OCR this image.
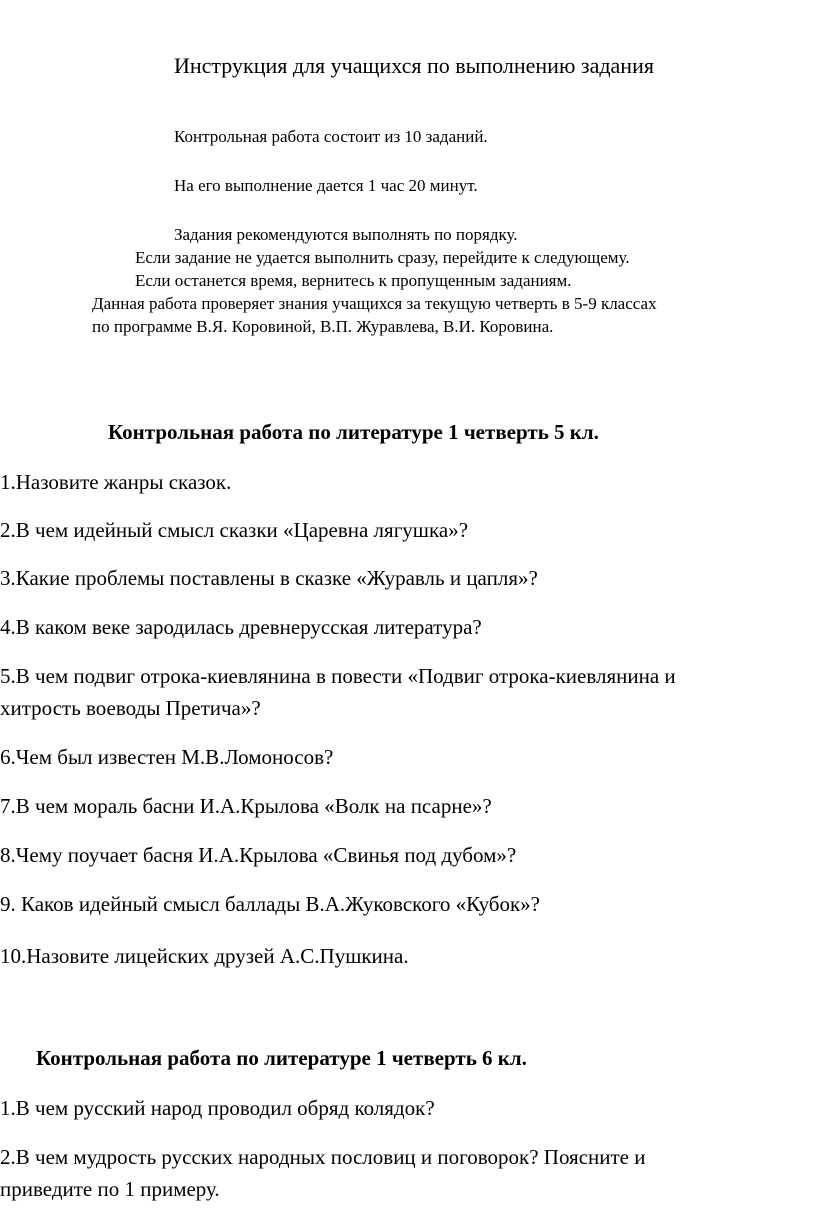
Инструкция для учащихся по выполнению задания

Контрольная работа состоит из 10 заданий.

На его выполнение дается 1 час 20 минут.

Задания рекомендуются выполнять по порядку.

Если задание не удается выполнить сразу, перейдите к следующему.

Если останется время, вернитесь к пропущенным заданиям.

Данная работа проверяет знания учащихся за текущую четверть в 5-9 классах

по программе В.Я. Коровиной, В.П. Журавлева, В.И. Коровина.

Контрольная работа по литературе 1 четверть 5 кл.

1.Назовите жанры сказок.

2.В чем идейный смысл сказки «Царевна лягушка»?

3.Какие проблемы поставлены в сказке «Журавль и цапля»?

4.В каком веке зародилась древнерусская литература?

5.В чем подвиг отрока-киевлянина в повести «Подвиг отрока-киевлянина и

хитрость воеводы Претича»?

6.Чем был известен М.В.Ломоносов?

7.В чем мораль басни И.А.Крылова «Волк на псарне»?

8.Чему поучает басня И.А.Крылова «Свинья под дубом»?

9. Каков идейный смысл баллады В.А.Жуковского «Кубок»?

10.Назовите лицейских друзей А.С.Пушкина.

Контрольная работа по литературе 1 четверть 6 кл.

1.В чем русский народ проводил обряд колядок?

2.В чем мудрость русских народных пословиц и поговорок? Поясните и

приведите по 1 примеру.
